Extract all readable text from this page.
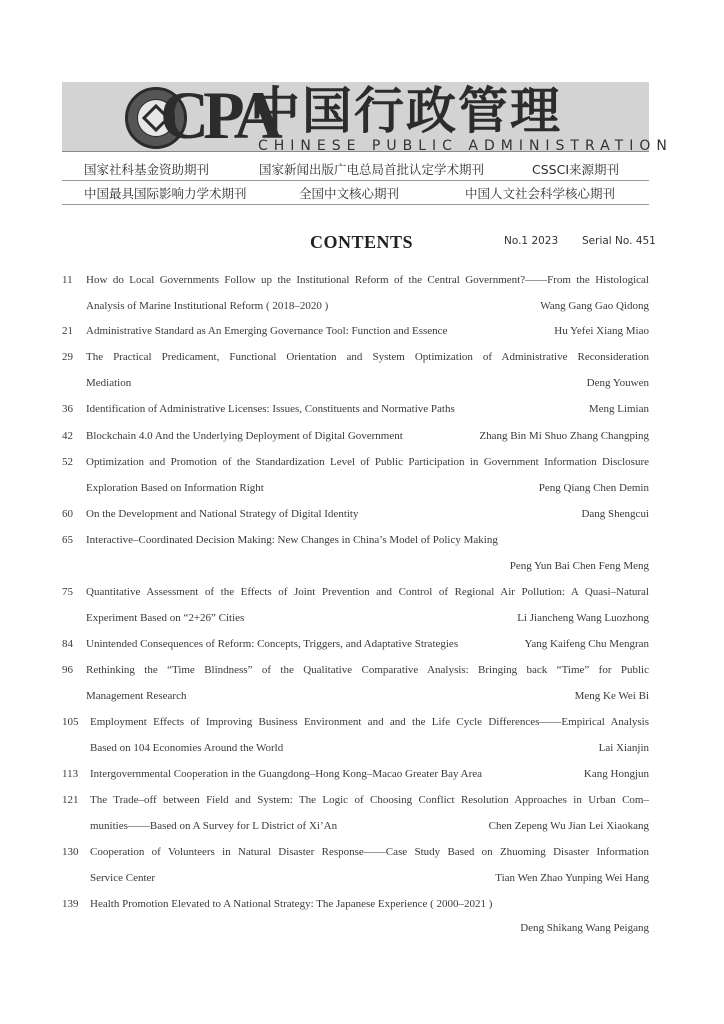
CPA
中国行政管理
CHINESE PUBLIC ADMINISTRATION
国家社科基金资助期刊	国家新闻出版广电总局首批认定学术期刊	CSSCI来源期刊
中国最具国际影响力学术期刊	全国中文核心期刊	中国人文社会科学核心期刊
CONTENTS	No.1 2023 Serial No. 451
11	How do Local Governments Follow up the Institutional Reform of the Central Government?——From the Histological
Analysis of Marine Institutional Reform ( 2018–2020 )	Wang Gang Gao Qidong
21	Administrative Standard as An Emerging Governance Tool: Function and Essence	Hu Yefei Xiang Miao
29	The Practical Predicament, Functional Orientation and System Optimization of Administrative Reconsideration
Mediation	Deng Youwen
36	Identification of Administrative Licenses: Issues, Constituents and Normative Paths	Meng Limian
42	Blockchain 4.0 And the Underlying Deployment of Digital Government	Zhang Bin Mi Shuo Zhang Changping
52	Optimization and Promotion of the Standardization Level of Public Participation in Government Information Disclosure
Exploration Based on Information Right	Peng Qiang Chen Demin
60	On the Development and National Strategy of Digital Identity	Dang Shengcui
65	Interactive–Coordinated Decision Making: New Changes in China’s Model of Policy Making
Peng Yun Bai Chen Feng Meng
75	Quantitative Assessment of the Effects of Joint Prevention and Control of Regional Air Pollution: A Quasi–Natural
Experiment Based on “2+26” Cities	Li Jiancheng Wang Luozhong
84	Unintended Consequences of Reform: Concepts, Triggers, and Adaptative Strategies	Yang Kaifeng Chu Mengran
96	Rethinking the “Time Blindness” of the Qualitative Comparative Analysis: Bringing back “Time” for Public
Management Research	Meng Ke Wei Bi
105	Employment Effects of Improving Business Environment and and the Life Cycle Differences——Empirical Analysis
Based on 104 Economies Around the World	Lai Xianjin
113	Intergovernmental Cooperation in the Guangdong–Hong Kong–Macao Greater Bay Area	Kang Hongjun
121	The Trade–off between Field and System: The Logic of Choosing Conflict Resolution Approaches in Urban Com–
munities——Based on A Survey for L District of Xi’An	Chen Zepeng Wu Jian Lei Xiaokang
130	Cooperation of Volunteers in Natural Disaster Response——Case Study Based on Zhuoming Disaster Information
Service Center	Tian Wen Zhao Yunping Wei Hang
139	Health Promotion Elevated to A National Strategy: The Japanese Experience ( 2000–2021 )
Deng Shikang Wang Peigang
